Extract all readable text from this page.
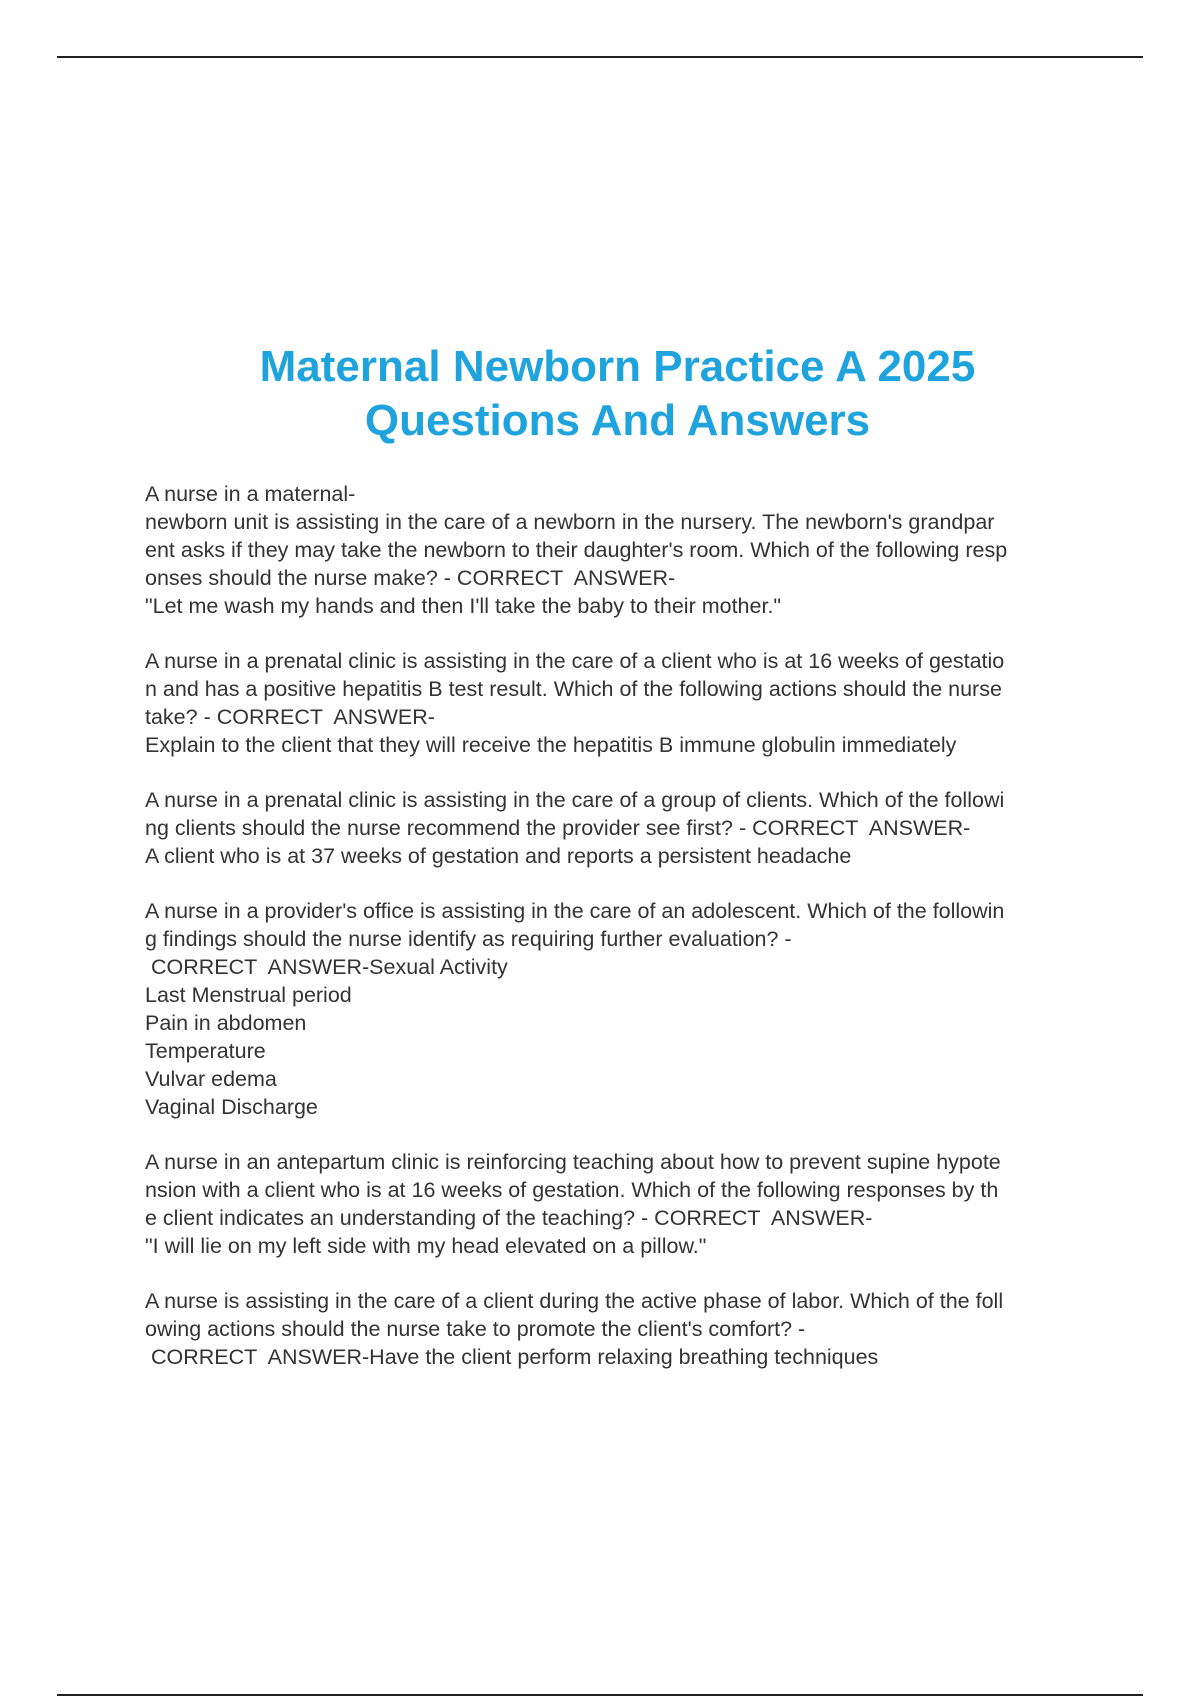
Maternal Newborn Practice A 2025
Questions And Answers
A nurse in a maternal-
newborn unit is assisting in the care of a newborn in the nursery. The newborn's grandpar
ent asks if they may take the newborn to their daughter's room. Which of the following resp
onses should the nurse make? - CORRECT  ANSWER-
"Let me wash my hands and then I'll take the baby to their mother."
A nurse in a prenatal clinic is assisting in the care of a client who is at 16 weeks of gestatio
n and has a positive hepatitis B test result. Which of the following actions should the nurse
take? - CORRECT  ANSWER-
Explain to the client that they will receive the hepatitis B immune globulin immediately
A nurse in a prenatal clinic is assisting in the care of a group of clients. Which of the followi
ng clients should the nurse recommend the provider see first? - CORRECT  ANSWER-
A client who is at 37 weeks of gestation and reports a persistent headache
A nurse in a provider's office is assisting in the care of an adolescent. Which of the followin
g findings should the nurse identify as requiring further evaluation? -
CORRECT  ANSWER-Sexual Activity
Last Menstrual period
Pain in abdomen
Temperature
Vulvar edema
Vaginal Discharge
A nurse in an antepartum clinic is reinforcing teaching about how to prevent supine hypote
nsion with a client who is at 16 weeks of gestation. Which of the following responses by th
e client indicates an understanding of the teaching? - CORRECT  ANSWER-
"I will lie on my left side with my head elevated on a pillow."
A nurse is assisting in the care of a client during the active phase of labor. Which of the foll
owing actions should the nurse take to promote the client's comfort? -
CORRECT  ANSWER-Have the client perform relaxing breathing techniques
